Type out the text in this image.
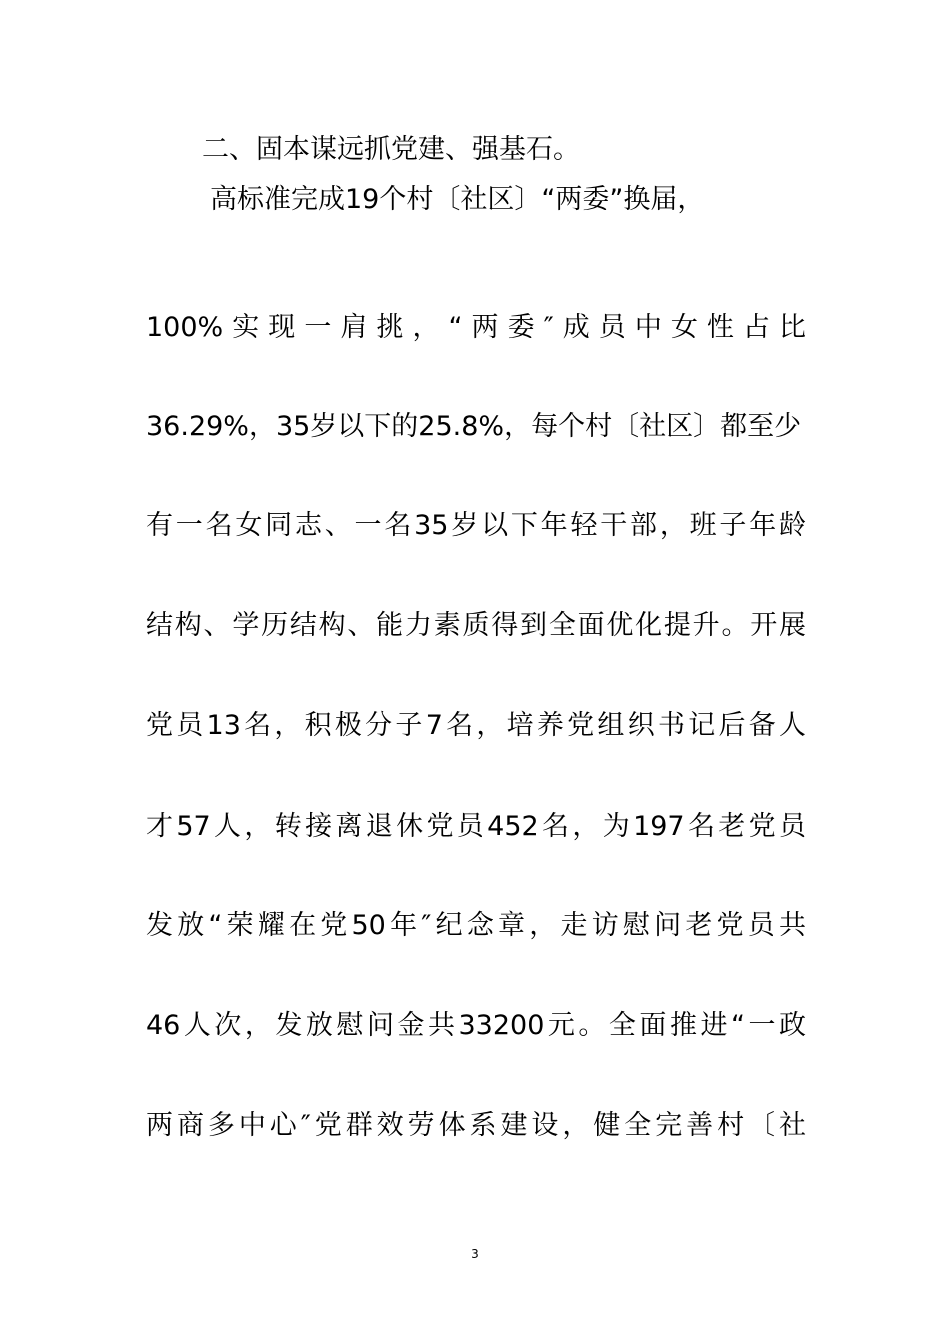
二、固本谋远抓党建、强基石。
高标准完成19个村〔社区〕“两委”换届，
100%实现一肩挑，“两委″成员中女性占比
36.29%，35岁以下的25.8%，每个村〔社区〕都至少
有一名女同志、一名35岁以下年轻干部，班子年龄
结构、学历结构、能力素质得到全面优化提升。开展
党员13名，积极分子7名，培养党组织书记后备人
才57人，转接离退休党员452名，为197名老党员
发放“荣耀在党50年″纪念章，走访慰问老党员共
46人次，发放慰问金共33200元。全面推进“一政
两商多中心″党群效劳体系建设，健全完善村〔社
3
